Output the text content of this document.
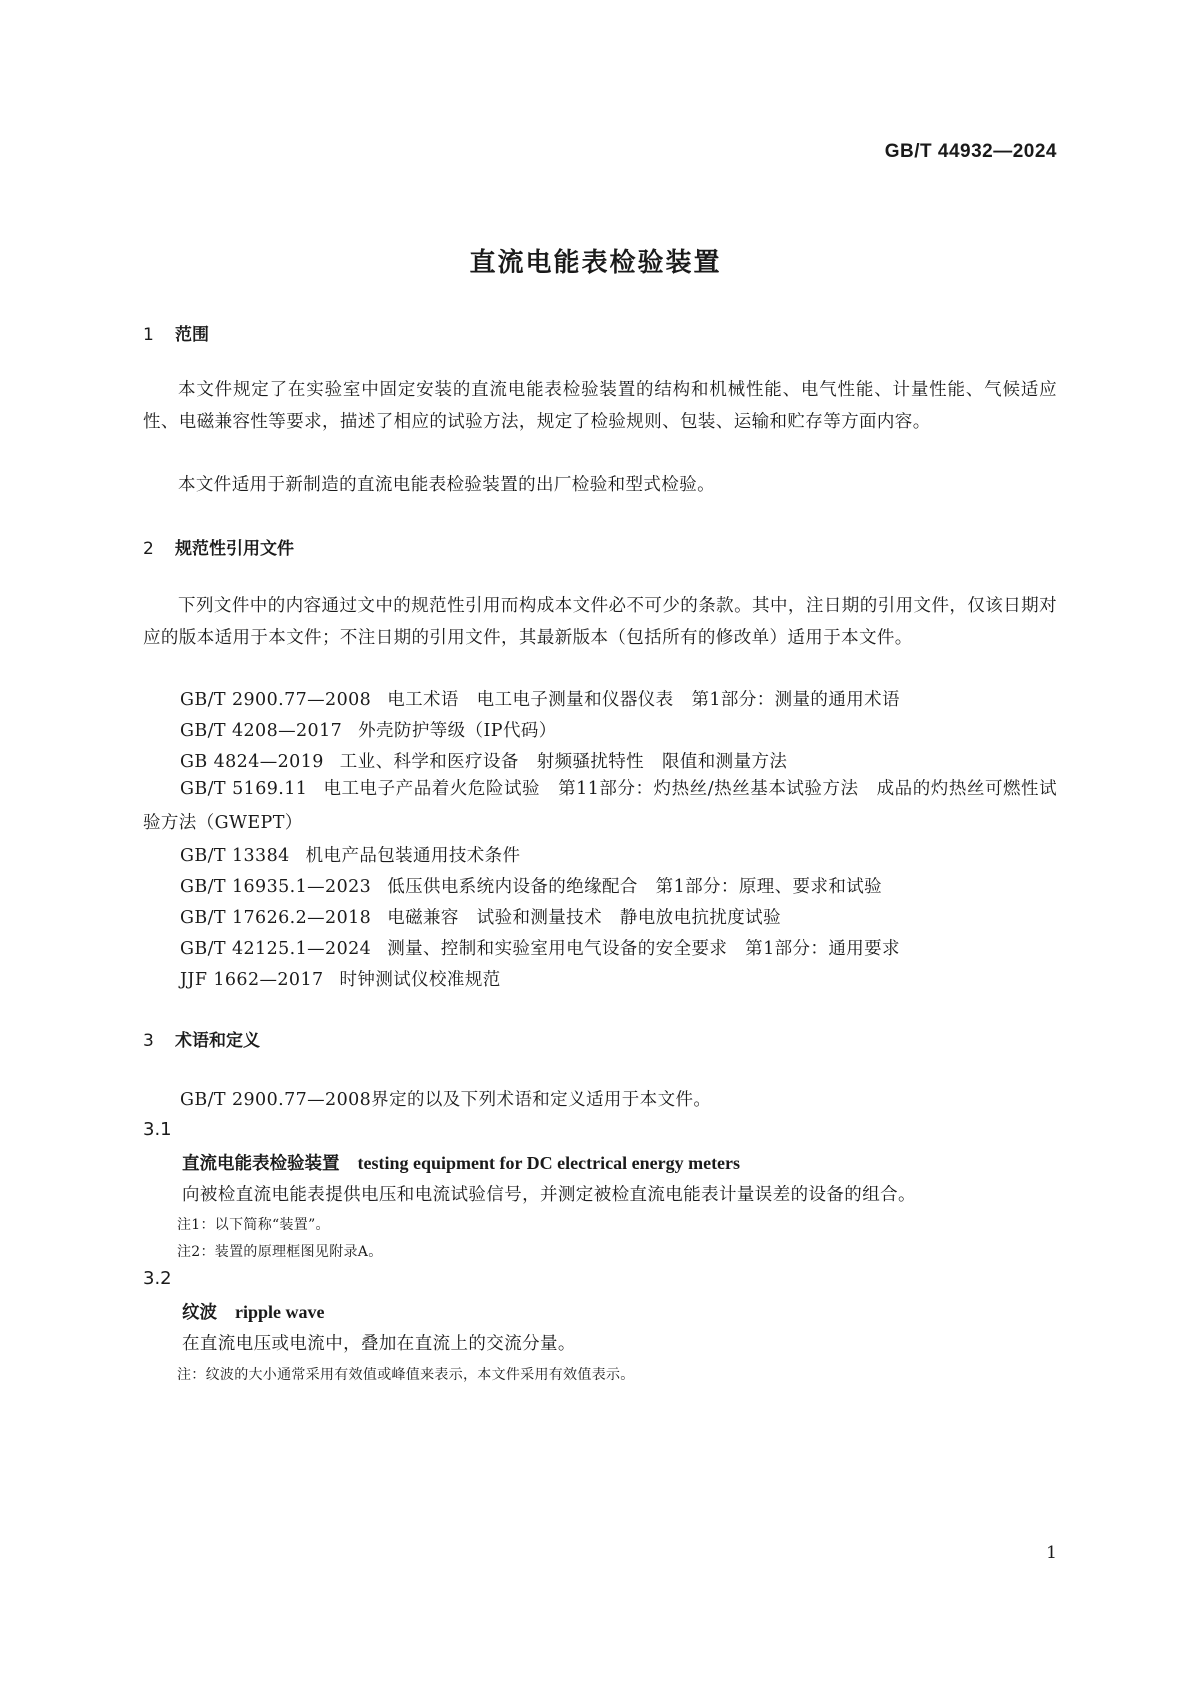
GB/T 44932—2024
直流电能表检验装置
1 范围
本文件规定了在实验室中固定安装的直流电能表检验装置的结构和机械性能、电气性能、计量性能、气候适应性、电磁兼容性等要求，描述了相应的试验方法，规定了检验规则、包装、运输和贮存等方面内容。
本文件适用于新制造的直流电能表检验装置的出厂检验和型式检验。
2 规范性引用文件
下列文件中的内容通过文中的规范性引用而构成本文件必不可少的条款。其中，注日期的引用文件，仅该日期对应的版本适用于本文件；不注日期的引用文件，其最新版本（包括所有的修改单）适用于本文件。
GB/T 2900.77—2008 电工术语　电工电子测量和仪器仪表　第1部分：测量的通用术语
GB/T 4208—2017 外壳防护等级（IP代码）
GB 4824—2019 工业、科学和医疗设备　射频骚扰特性　限值和测量方法
GB/T 5169.11 电工电子产品着火危险试验　第11部分：灼热丝/热丝基本试验方法　成品的灼热丝可燃性试验方法（GWEPT）
GB/T 13384 机电产品包装通用技术条件
GB/T 16935.1—2023 低压供电系统内设备的绝缘配合　第1部分：原理、要求和试验
GB/T 17626.2—2018 电磁兼容　试验和测量技术　静电放电抗扰度试验
GB/T 42125.1—2024 测量、控制和实验室用电气设备的安全要求　第1部分：通用要求
JJF 1662—2017 时钟测试仪校准规范
3 术语和定义
GB/T 2900.77—2008界定的以及下列术语和定义适用于本文件。
3.1
直流电能表检验装置 testing equipment for DC electrical energy meters
向被检直流电能表提供电压和电流试验信号，并测定被检直流电能表计量误差的设备的组合。
注1：以下简称“装置”。
注2：装置的原理框图见附录A。
3.2
纹波 ripple wave
在直流电压或电流中，叠加在直流上的交流分量。
注：纹波的大小通常采用有效值或峰值来表示，本文件采用有效值表示。
1
